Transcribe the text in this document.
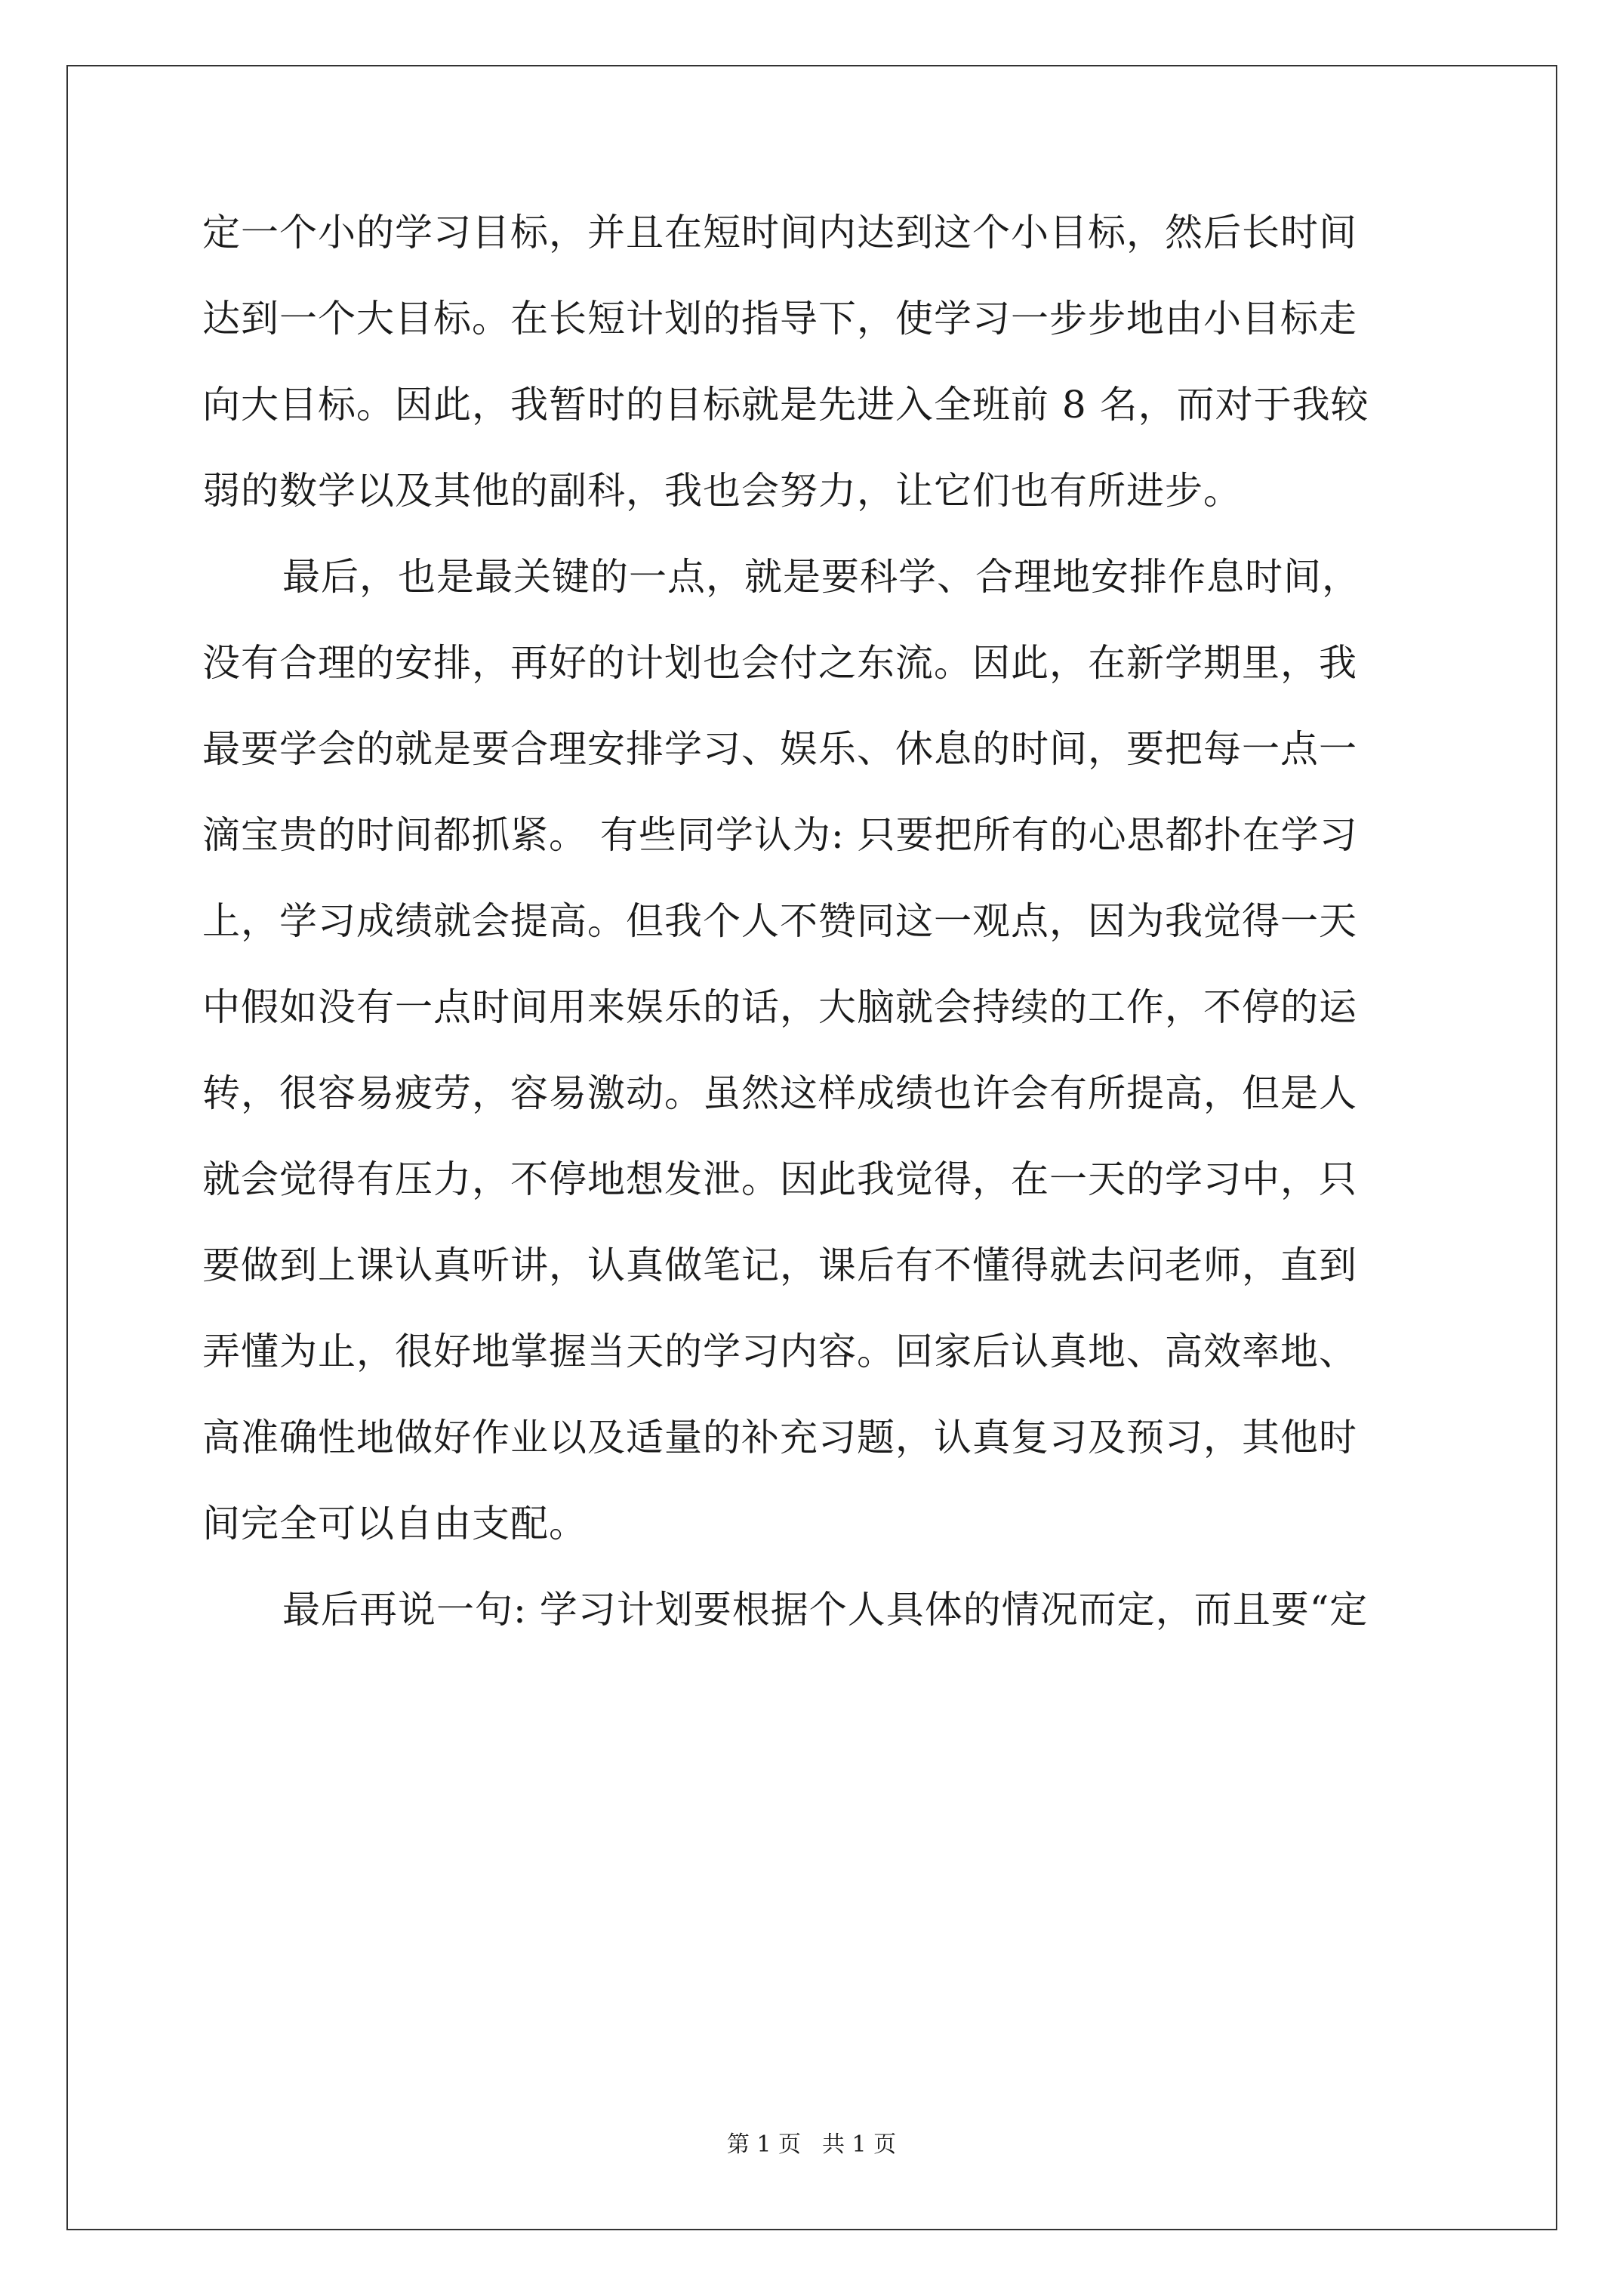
定一个小的学习目标，并且在短时间内达到这个小目标，然后长时间
达到一个大目标。在长短计划的指导下，使学习一步步地由小目标走
向大目标。因此，我暂时的目标就是先进入全班前 8 名，而对于我较
弱的数学以及其他的副科，我也会努力，让它们也有所进步。
最后，也是最关键的一点，就是要科学、合理地安排作息时间，
没有合理的安排，再好的计划也会付之东流。因此，在新学期里，我
最要学会的就是要合理安排学习、娱乐、休息的时间，要把每一点一
滴宝贵的时间都抓紧。 有些同学认为: 只要把所有的心思都扑在学习
上，学习成绩就会提高。但我个人不赞同这一观点，因为我觉得一天
中假如没有一点时间用来娱乐的话，大脑就会持续的工作，不停的运
转，很容易疲劳，容易激动。虽然这样成绩也许会有所提高，但是人
就会觉得有压力，不停地想发泄。因此我觉得，在一天的学习中，只
要做到上课认真听讲，认真做笔记，课后有不懂得就去问老师，直到
弄懂为止，很好地掌握当天的学习内容。回家后认真地、高效率地、
高准确性地做好作业以及适量的补充习题，认真复习及预习，其他时
间完全可以自由支配。
最后再说一句: 学习计划要根据个人具体的情况而定，而且要“定
第 1 页 共 1 页
